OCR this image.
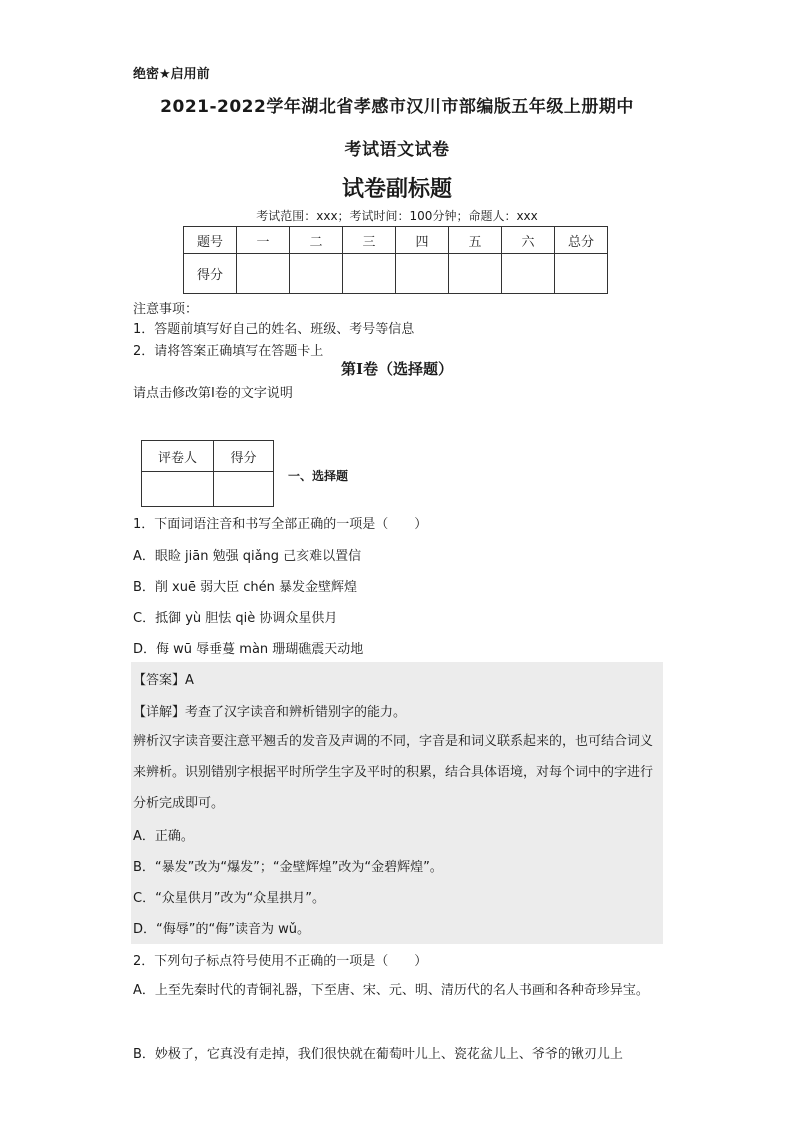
绝密★启用前
2021-2022学年湖北省孝感市汉川市部编版五年级上册期中
考试语文试卷
试卷副标题
考试范围：xxx；考试时间：100分钟；命题人：xxx
题号	一	二	三	四	五	六	总分
得分							
注意事项：
1．答题前填写好自己的姓名、班级、考号等信息
2．请将答案正确填写在答题卡上
第I卷（选择题）
请点击修改第I卷的文字说明
评卷人	得分

一、选择题
1．下面词语注音和书写全部正确的一项是（　　）
A．眼睑 jiān 勉强 qiǎng 己亥难以置信
B．削 xuē 弱大臣 chén 暴发金壁辉煌
C．抵御 yù 胆怯 qiè 协调众星供月
D．侮 wū 辱垂蔓 màn 珊瑚礁震天动地
【答案】A
【详解】考查了汉字读音和辨析错别字的能力。
辨析汉字读音要注意平翘舌的发音及声调的不同，字音是和词义联系起来的，也可结合词义来辨析。识别错别字根据平时所学生字及平时的积累，结合具体语境，对每个词中的字进行分析完成即可。
A．正确。
B．“暴发”改为“爆发”；“金壁辉煌”改为“金碧辉煌”。
C．“众星供月”改为“众星拱月”。
D．“侮辱”的“侮”读音为 wǔ。
2．下列句子标点符号使用不正确的一项是（　　）
A．上至先秦时代的青铜礼器，下至唐、宋、元、明、清历代的名人书画和各种奇珍异宝。
B．妙极了，它真没有走掉，我们很快就在葡萄叶儿上、瓷花盆儿上、爷爷的锹刃儿上
